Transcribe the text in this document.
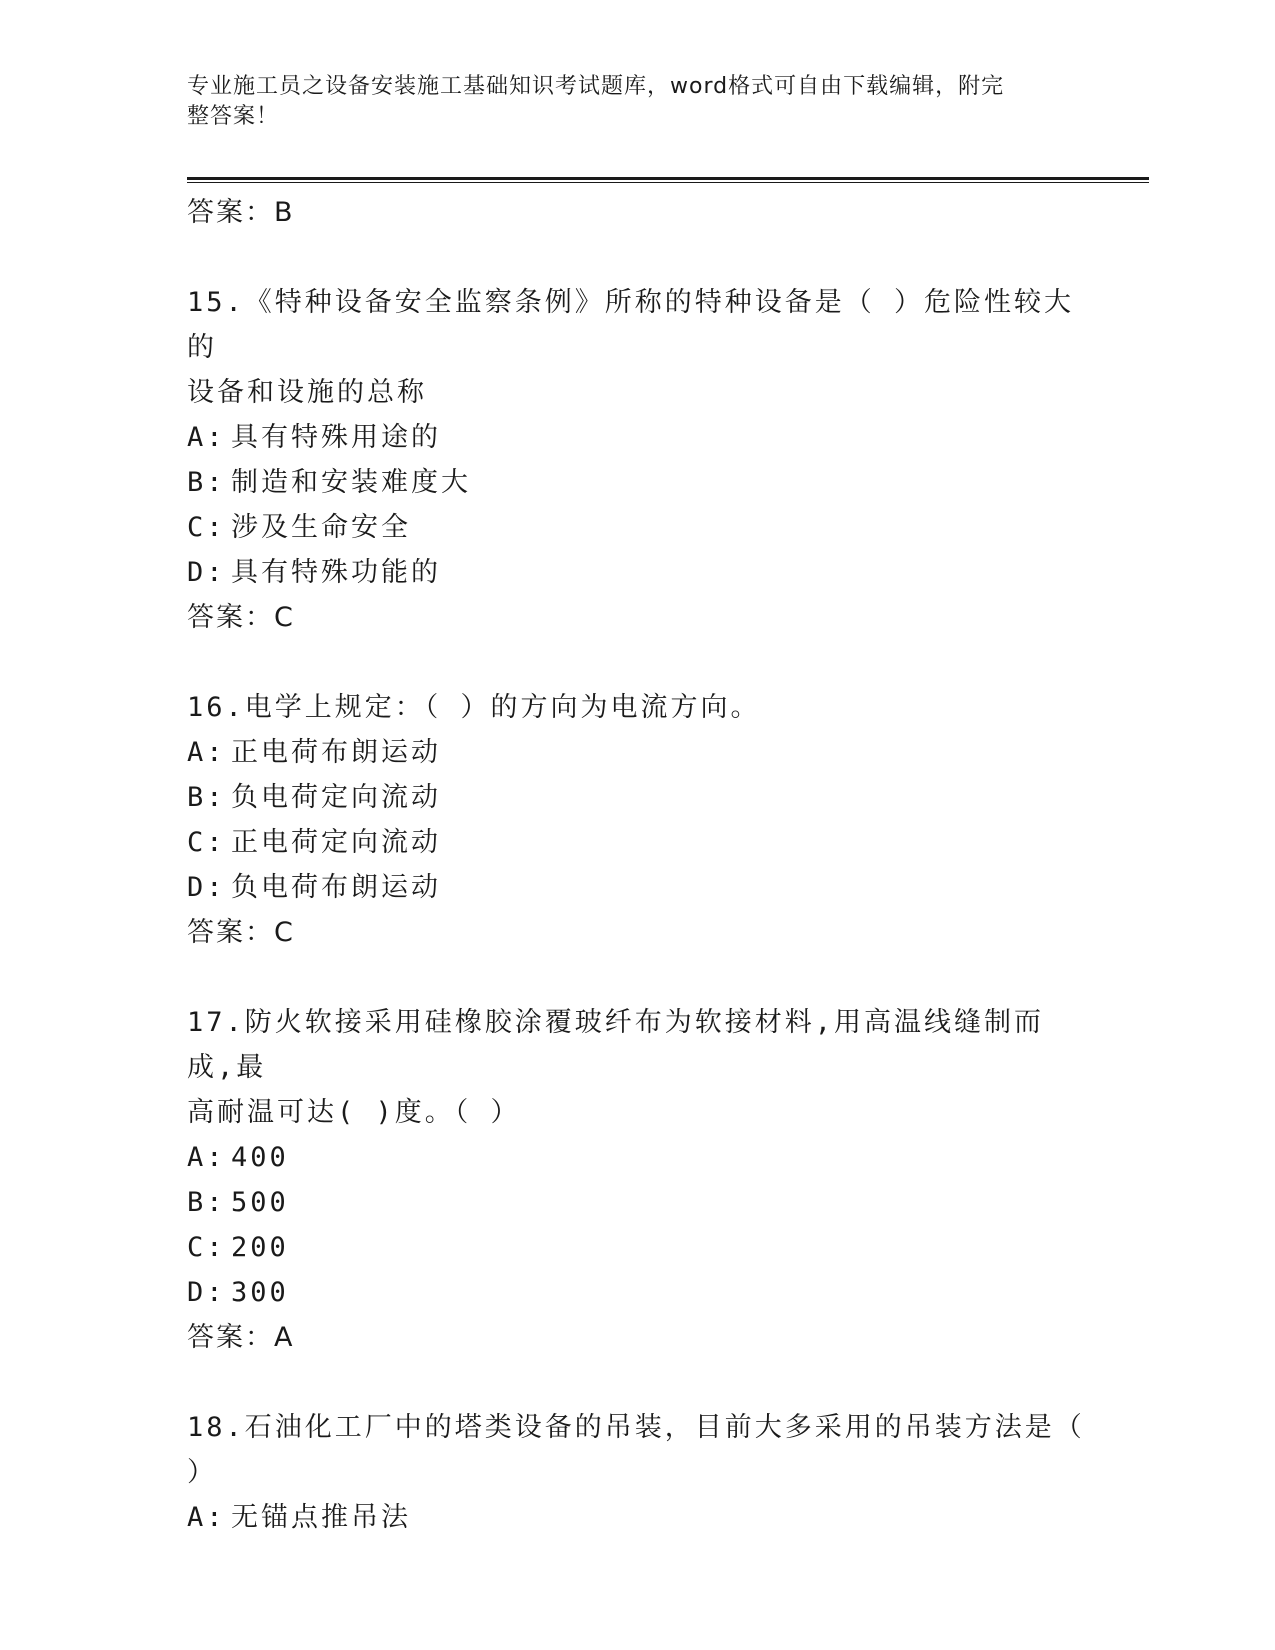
专业施工员之设备安装施工基础知识考试题库，word格式可自由下载编辑，附完
整答案！
答案：B
15.《特种设备安全监察条例》所称的特种设备是（ ）危险性较大的
设备和设施的总称
A: 具有特殊用途的
B: 制造和安装难度大
C: 涉及生命安全
D: 具有特殊功能的
答案：C
16.电学上规定：（ ）的方向为电流方向。
A: 正电荷布朗运动
B: 负电荷定向流动
C: 正电荷定向流动
D: 负电荷布朗运动
答案：C
17.防火软接采用硅橡胶涂覆玻纤布为软接材料,用高温线缝制而成,最
高耐温可达( )度。（ ）
A: 400
B: 500
C: 200
D: 300
答案：A
18.石油化工厂中的塔类设备的吊装，目前大多采用的吊装方法是（
）
A: 无锚点推吊法
